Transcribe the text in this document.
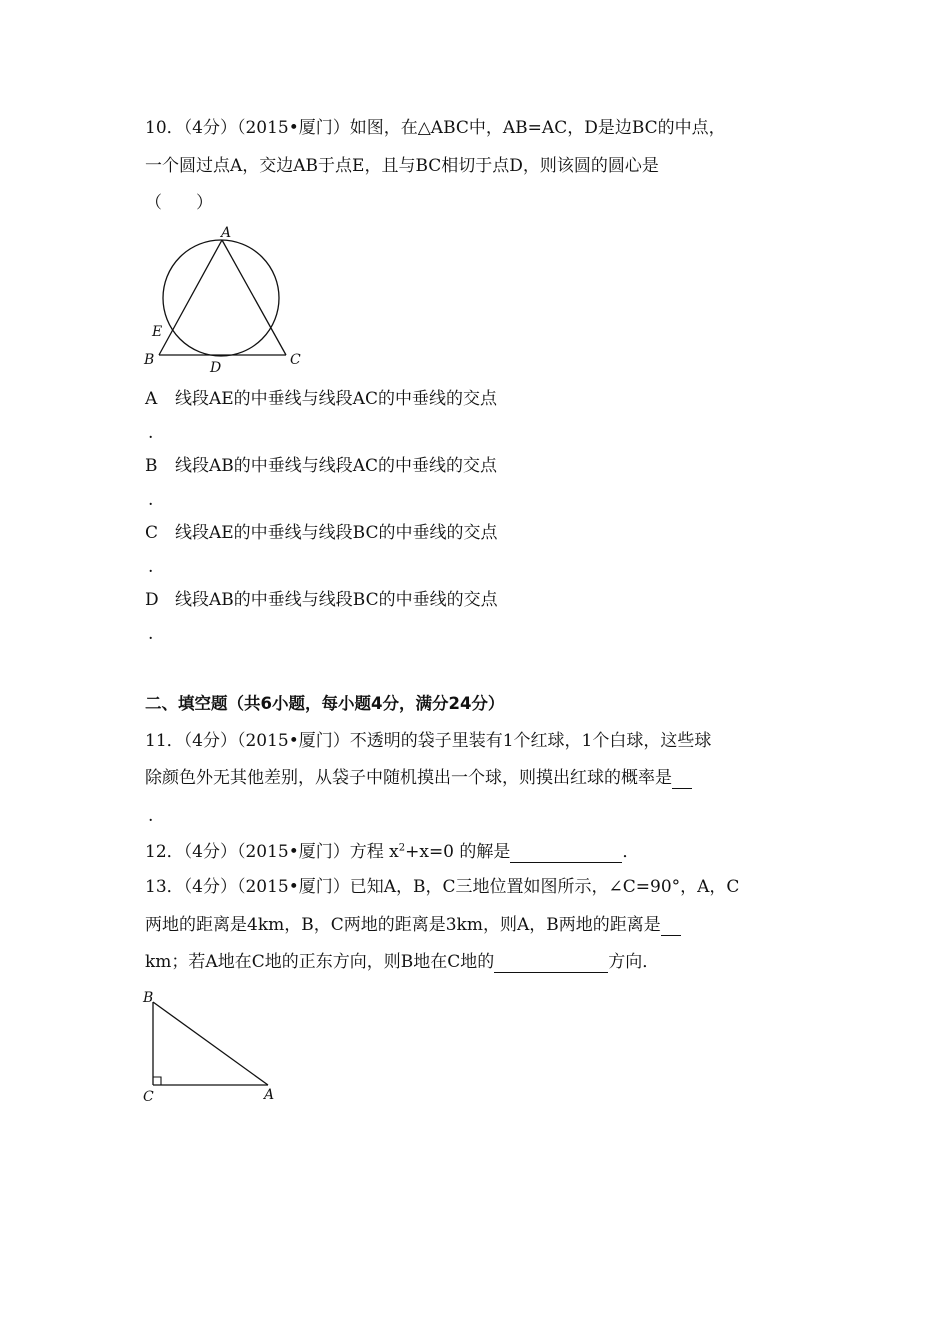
10．（4分）（2015•厦门）如图，在△ABC中，AB=AC，D是边BC的中点，
一个圆过点A，交边AB于点E，且与BC相切于点D，则该圆的圆心是
（　　）
A
E
B	D	C
A 线段AE的中垂线与线段AC的中垂线的交点
.
B 线段AB的中垂线与线段AC的中垂线的交点
.
C 线段AE的中垂线与线段BC的中垂线的交点
.
D 线段AB的中垂线与线段BC的中垂线的交点
.
二、填空题（共6小题，每小题4分，满分24分）
11．（4分）（2015•厦门）不透明的袋子里装有1个红球，1个白球，这些球
除颜色外无其他差别，从袋子中随机摸出一个球，则摸出红球的概率是
.
12．（4分）（2015•厦门）方程 $x^2+x=0$ 的解是	．
13．（4分）（2015•厦门）已知A，B，C三地位置如图所示，∠C=90°，A，C
两地的距离是4km，B，C两地的距离是3km，则A，B两地的距离是
km；若A地在C地的正东方向，则B地在C地的	方向．
B
C	A
